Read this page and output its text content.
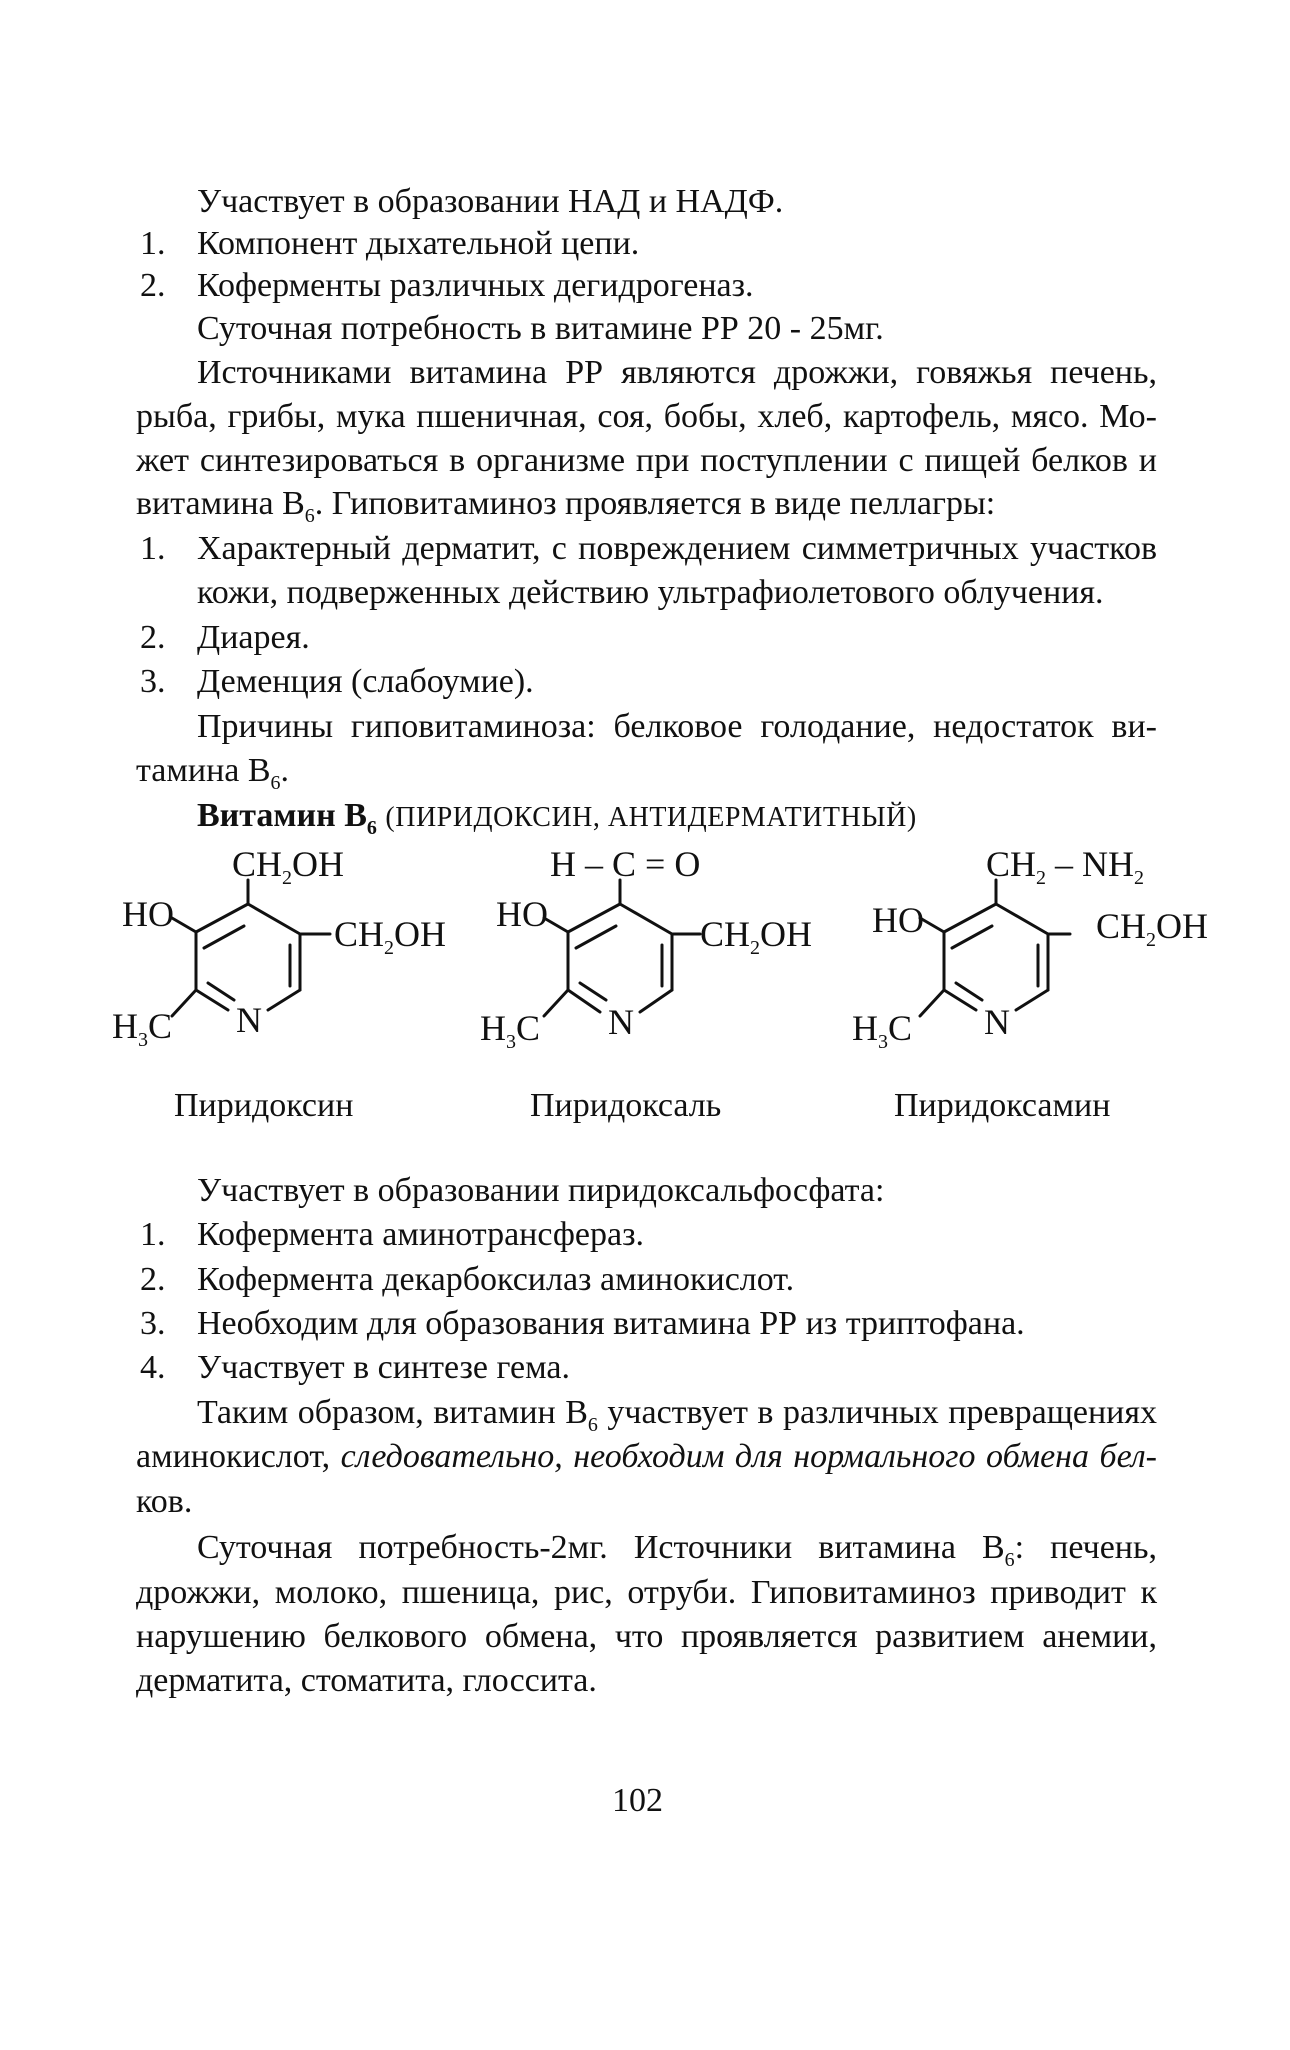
Участвует в образовании НАД и НАДФ.
1. Компонент дыхательной цепи.
2. Коферменты различных дегидрогеназ.
Суточная потребность в витамине РР 20 - 25мг.
Источниками витамина РР являются дрожжи, говяжья печень,
рыба, грибы, мука пшеничная, соя, бобы, хлеб, картофель, мясо. Мо-
жет синтезироваться в организме при поступлении с пищей белков и
витамина $В_6$. Гиповитаминоз проявляется в виде пеллагры:
1. Характерный дерматит, с повреждением симметричных участков
кожи, подверженных действию ультрафиолетового облучения.
2. Диарея.
3. Деменция (слабоумие).
Причины гиповитаминоза: белковое голодание, недостаток ви-
тамина $В_6$.
Витамин $В_6$ (ПИРИДОКСИН, АНТИДЕРМАТИТНЫЙ)
$CH_2OH$
HO	$CH_2OH$
$H_3C$ N
H – C = O
HO	$CH_2OH$
$H_3C$ N
$CH_2 - NH_2$
HO	$CH_2OH$
$H_3C$ N
Пиридоксин	Пиридоксаль	Пиридоксамин
Участвует в образовании пиридоксальфосфата:
1. Кофермента аминотрансфераз.
2. Кофермента декарбоксилаз аминокислот.
3. Необходим для образования витамина РР из триптофана.
4. Участвует в синтезе гема.
Таким образом, витамин $В_6$ участвует в различных превращениях
аминокислот, следовательно, необходим для нормального обмена бел-
ков.
Суточная потребность-2мг. Источники витамина $В_6$: печень,
дрожжи, молоко, пшеница, рис, отруби. Гиповитаминоз приводит к
нарушению белкового обмена, что проявляется развитием анемии,
дерматита, стоматита, глоссита.
102
